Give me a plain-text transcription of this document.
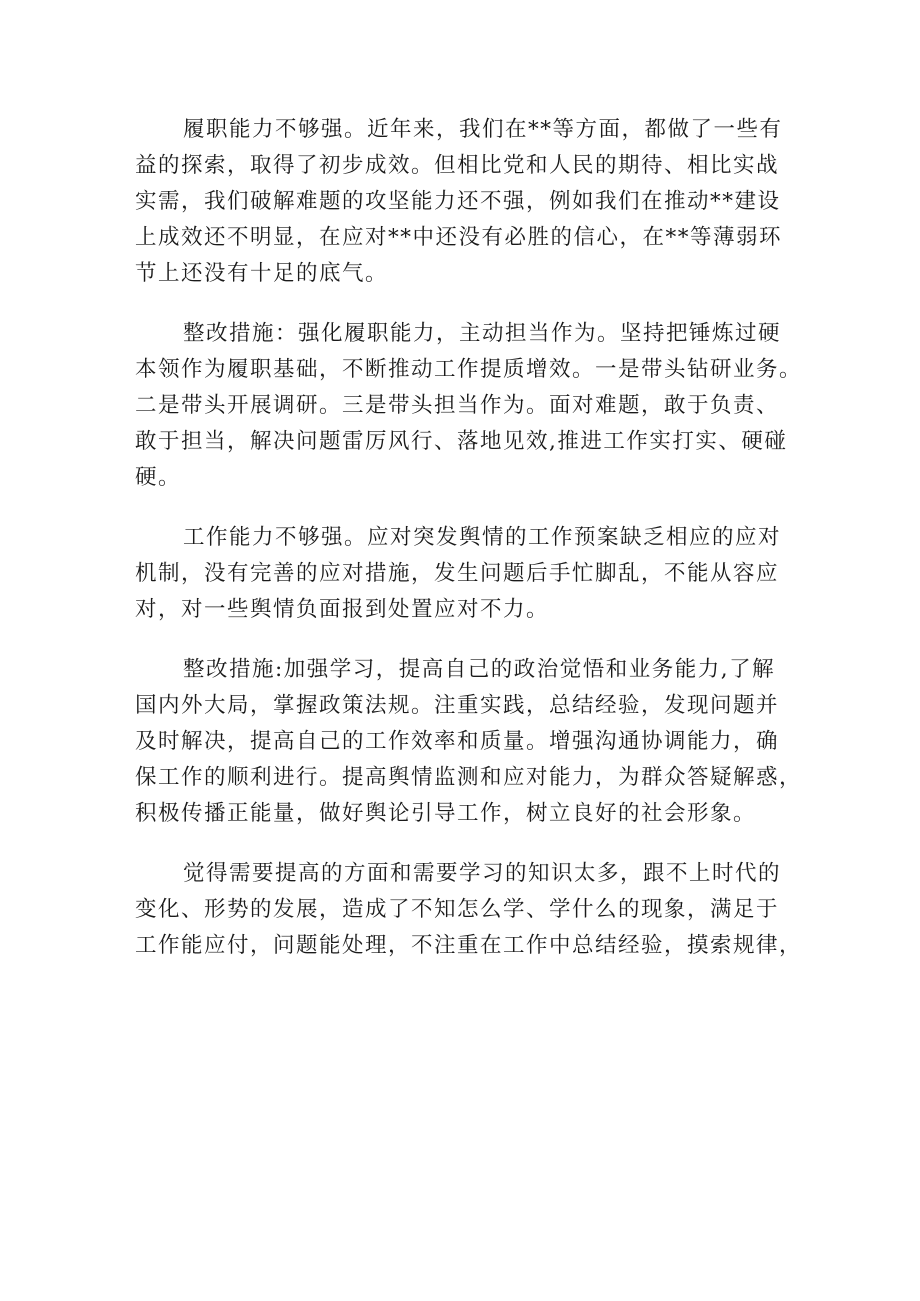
履职能力不够强。近年来，我们在**等方面，都做了一些有
益的探索，取得了初步成效。但相比党和人民的期待、相比实战
实需，我们破解难题的攻坚能力还不强，例如我们在推动**建设
上成效还不明显，在应对**中还没有必胜的信心，在**等薄弱环
节上还没有十足的底气。

整改措施：强化履职能力，主动担当作为。坚持把锤炼过硬
本领作为履职基础，不断推动工作提质增效。一是带头钻研业务。
二是带头开展调研。三是带头担当作为。面对难题，敢于负责、
敢于担当，解决问题雷厉风行、落地见效,推进工作实打实、硬碰
硬。

工作能力不够强。应对突发舆情的工作预案缺乏相应的应对
机制，没有完善的应对措施，发生问题后手忙脚乱，不能从容应
对，对一些舆情负面报到处置应对不力。

整改措施:加强学习，提高自己的政治觉悟和业务能力,了解
国内外大局，掌握政策法规。注重实践，总结经验，发现问题并
及时解决，提高自己的工作效率和质量。增强沟通协调能力，确
保工作的顺利进行。提高舆情监测和应对能力，为群众答疑解惑，
积极传播正能量，做好舆论引导工作，树立良好的社会形象。

觉得需要提高的方面和需要学习的知识太多，跟不上时代的
变化、形势的发展，造成了不知怎么学、学什么的现象，满足于
工作能应付，问题能处理，不注重在工作中总结经验，摸索规律，
